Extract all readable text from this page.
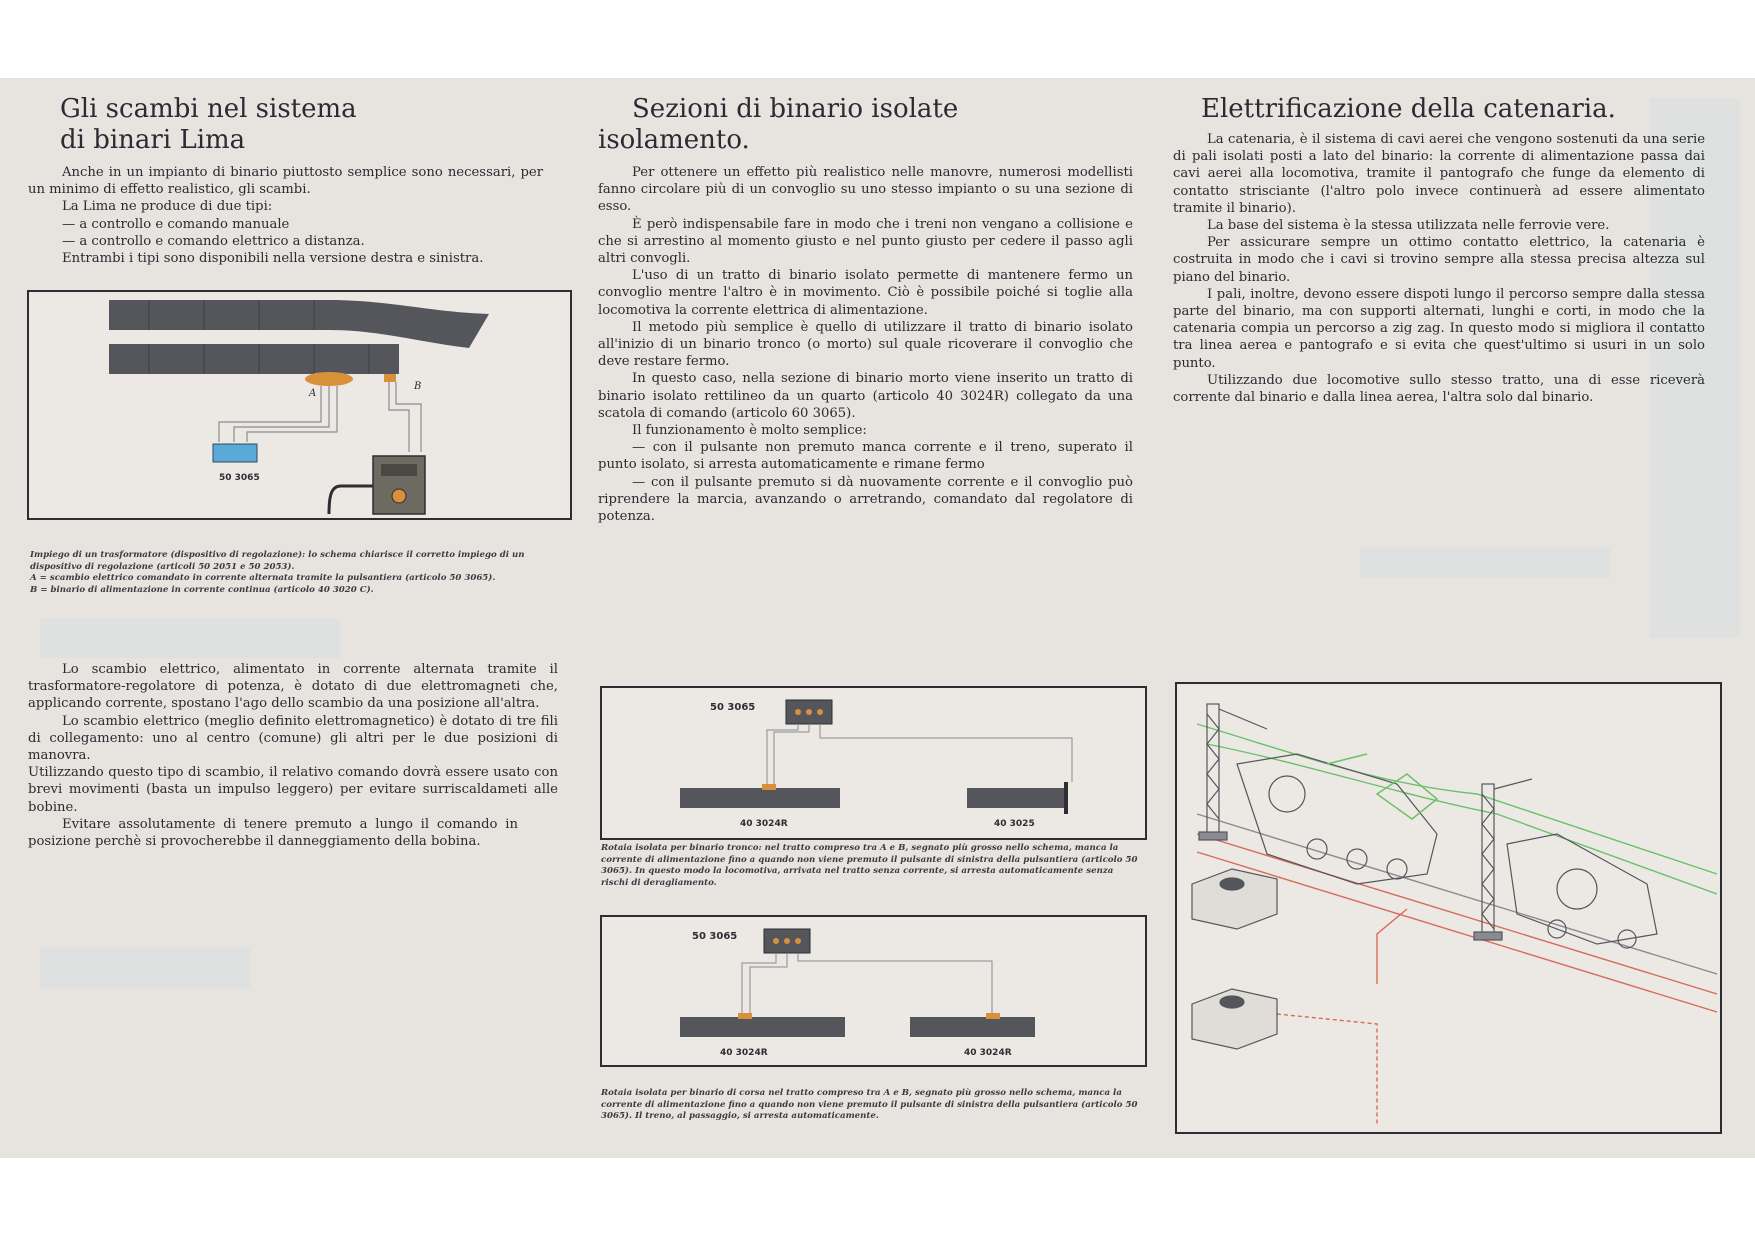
Gli scambi nel sistema
di binari Lima

Anche in un impianto di binario piuttosto semplice sono necessari, per un minimo di effetto realistico, gli scambi.

La Lima ne produce di due tipi:

— a controllo e comando manuale

— a controllo e comando elettrico a distanza.

Entrambi i tipi sono disponibili nella versione destra e sinistra.

A
B
50 3065

Impiego di un trasformatore (dispositivo di regolazione): lo schema chiarisce il corretto impiego di un dispositivo di regolazione (articoli 50 2051 e 50 2053).

A = scambio elettrico comandato in corrente alternata tramite la pulsantiera (articolo 50 3065).

B = binario di alimentazione in corrente continua (articolo 40 3020 C).

Lo scambio elettrico, alimentato in corrente alternata tramite il trasformatore-regolatore di potenza, è dotato di due elettromagneti che, applicando corrente, spostano l'ago dello scambio da una posizione all'altra.

Lo scambio elettrico (meglio definito elettromagnetico) è dotato di tre fili di collegamento: uno al centro (comune) gli altri per le due posizioni di manovra.

Utilizzando questo tipo di scambio, il relativo comando dovrà essere usato con brevi movimenti (basta un impulso leggero) per evitare surriscaldameti alle bobine.

Evitare assolutamente di tenere premuto a lungo il comando in posizione perchè si provocherebbe il danneggiamento della bobina.

Sezioni di binario isolate
isolamento.

Per ottenere un effetto più realistico nelle manovre, numerosi modellisti fanno circolare più di un convoglio su uno stesso impianto o su una sezione di esso.

È però indispensabile fare in modo che i treni non vengano a collisione e che si arrestino al momento giusto e nel punto giusto per cedere il passo agli altri convogli.

L'uso di un tratto di binario isolato permette di mantenere fermo un convoglio mentre l'altro è in movimento. Ciò è possibile poiché si toglie alla locomotiva la corrente elettrica di alimentazione.

Il metodo più semplice è quello di utilizzare il tratto di binario isolato all'inizio di un binario tronco (o morto) sul quale ricoverare il convoglio che deve restare fermo.

In questo caso, nella sezione di binario morto viene inserito un tratto di binario isolato rettilineo da un quarto (articolo 40 3024R) collegato da una scatola di comando (articolo 60 3065).

Il funzionamento è molto semplice:

— con il pulsante non premuto manca corrente e il treno, superato il punto isolato, si arresta automaticamente e rimane fermo

— con il pulsante premuto si dà nuovamente corrente e il convoglio può riprendere la marcia, avanzando o arretrando, comandato dal regolatore di potenza.

50 3065
40 3024R	40 3025

Rotaia isolata per binario tronco: nel tratto compreso tra A e B, segnato più grosso nello schema, manca la corrente di alimentazione fino a quando non viene premuto il pulsante di sinistra della pulsantiera (articolo 50 3065). In questo modo la locomotiva, arrivata nel tratto senza corrente, si arresta automaticamente senza rischi di deragliamento.

50 3065
40 3024R	40 3024R

Rotaia isolata per binario di corsa nel tratto compreso tra A e B, segnato più grosso nello schema, manca la corrente di alimentazione fino a quando non viene premuto il pulsante di sinistra della pulsantiera (articolo 50 3065). Il treno, al passaggio, si arresta automaticamente.

Elettrificazione della catenaria.

La catenaria, è il sistema di cavi aerei che vengono sostenuti da una serie di pali isolati posti a lato del binario: la corrente di alimentazione passa dai cavi aerei alla locomotiva, tramite il pantografo che funge da elemento di contatto strisciante (l'altro polo invece continuerà ad essere alimentato tramite il binario).

La base del sistema è la stessa utilizzata nelle ferrovie vere.

Per assicurare sempre un ottimo contatto elettrico, la catenaria è costruita in modo che i cavi si trovino sempre alla stessa precisa altezza sul piano del binario.

I pali, inoltre, devono essere dispoti lungo il percorso sempre dalla stessa parte del binario, ma con supporti alternati, lunghi e corti, in modo che la catenaria compia un percorso a zig zag. In questo modo si migliora il contatto tra linea aerea e pantografo e si evita che quest'ultimo si usuri in un solo punto.

Utilizzando due locomotive sullo stesso tratto, una di esse riceverà corrente dal binario e dalla linea aerea, l'altra solo dal binario.
